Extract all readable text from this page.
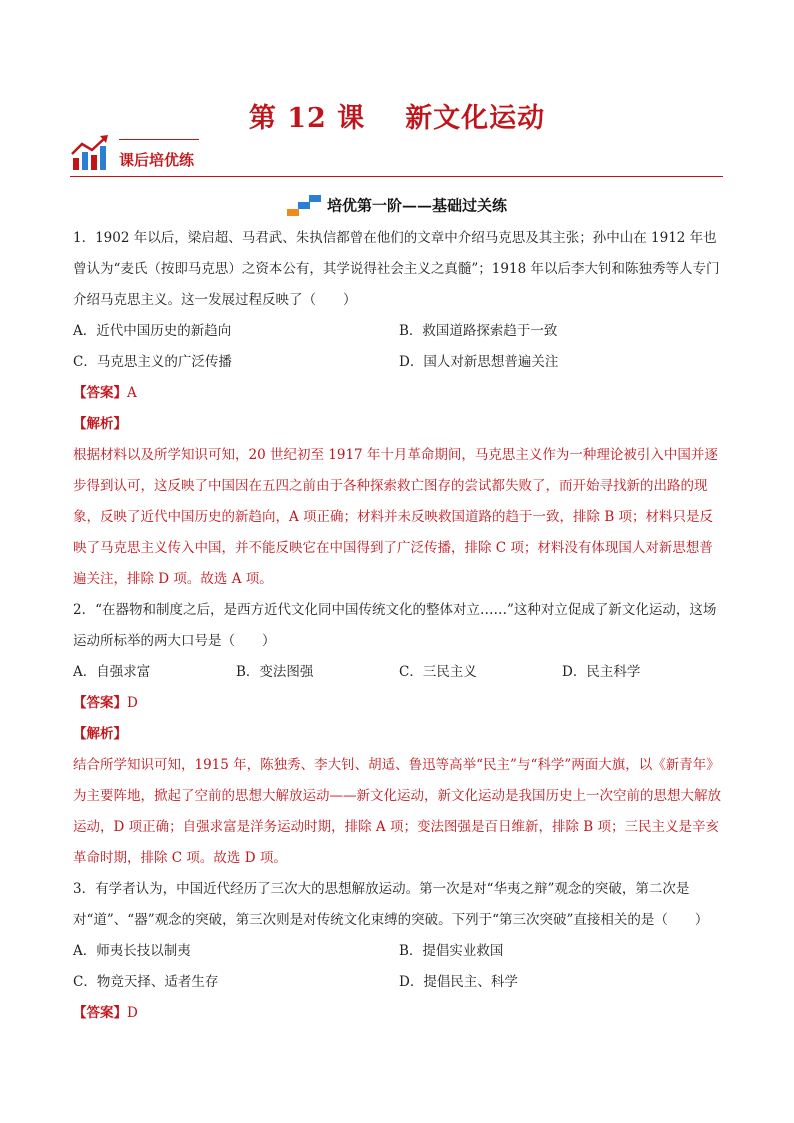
第 12 课 新文化运动
课后培优练
培优第一阶——基础过关练

1．1902 年以后，梁启超、马君武、朱执信都曾在他们的文章中介绍马克思及其主张；孙中山在 1912 年也曾认为“麦氏（按即马克思）之资本公有，其学说得社会主义之真髓”；1918 年以后李大钊和陈独秀等人专门介绍马克思主义。这一发展过程反映了（　　）

A．近代中国历史的新趋向	B．救国道路探索趋于一致
C．马克思主义的广泛传播	D．国人对新思想普遍关注

【答案】A

【解析】

根据材料以及所学知识可知，20 世纪初至 1917 年十月革命期间，马克思主义作为一种理论被引入中国并逐步得到认可，这反映了中国因在五四之前由于各种探索救亡图存的尝试都失败了，而开始寻找新的出路的现象，反映了近代中国历史的新趋向，A 项正确；材料并未反映救国道路的趋于一致，排除 B 项；材料只是反映了马克思主义传入中国，并不能反映它在中国得到了广泛传播，排除 C 项；材料没有体现国人对新思想普遍关注，排除 D 项。故选 A 项。

2．“在器物和制度之后，是西方近代文化同中国传统文化的整体对立……”这种对立促成了新文化运动，这场运动所标举的两大口号是（　　）

A．自强求富	B．变法图强	C．三民主义	D．民主科学

【答案】D

【解析】

结合所学知识可知，1915 年，陈独秀、李大钊、胡适、鲁迅等高举“民主”与“科学”两面大旗，以《新青年》为主要阵地，掀起了空前的思想大解放运动——新文化运动，新文化运动是我国历史上一次空前的思想大解放运动，D 项正确；自强求富是洋务运动时期，排除 A 项；变法图强是百日维新，排除 B 项；三民主义是辛亥革命时期，排除 C 项。故选 D 项。

3．有学者认为，中国近代经历了三次大的思想解放运动。第一次是对“华夷之辩”观念的突破，第二次是对“道”、“器”观念的突破，第三次则是对传统文化束缚的突破。下列于“第三次突破”直接相关的是（　　）

A．师夷长技以制夷	B．提倡实业救国
C．物竞天择、适者生存	D．提倡民主、科学

【答案】D
